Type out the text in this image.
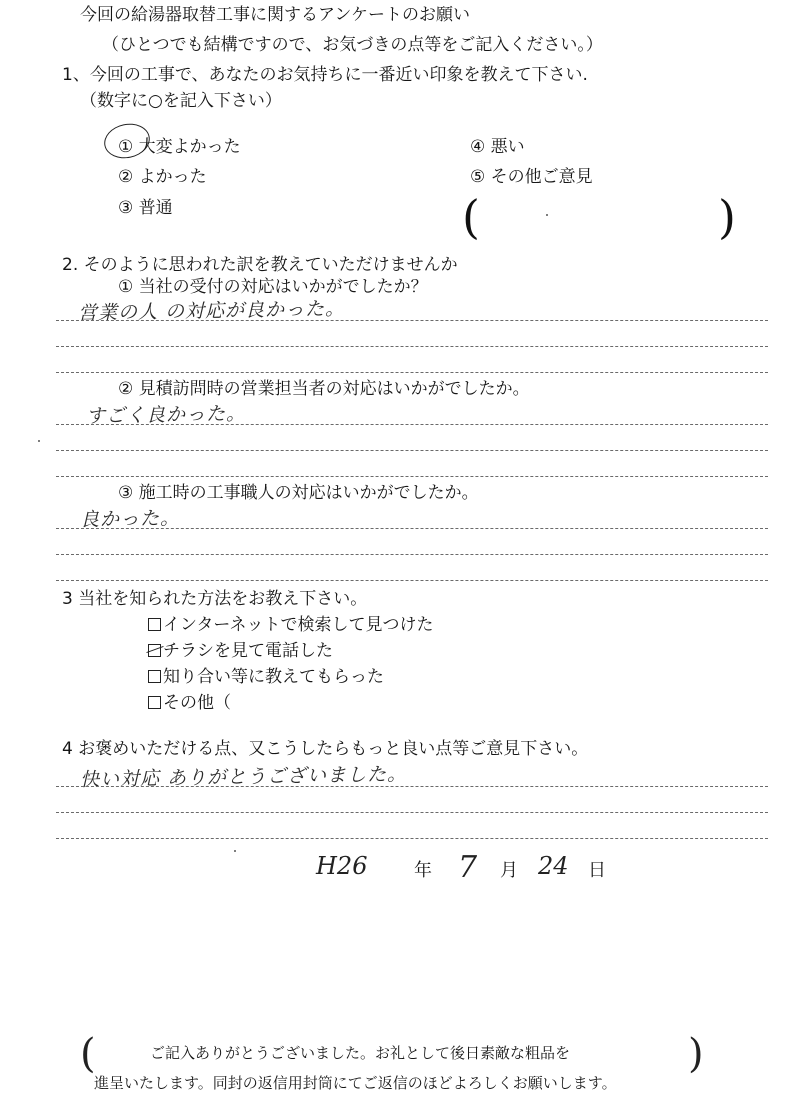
今回の給湯器取替工事に関するアンケートのお願い
（ひとつでも結構ですので、お気づきの点等をご記入ください。）
1、今回の工事で、あなたのお気持ちに一番近い印象を教えて下さい.
（数字に○を記入下さい）
① 大変よかった
② よかった
③ 普通
④ 悪い
⑤ その他ご意見
(	)
2. そのように思われた訳を教えていただけませんか
① 当社の受付の対応はいかがでしたか？
営業の人 の対応が良かった。
② 見積訪問時の営業担当者の対応はいかがでしたか。
すごく良かった。
③ 施工時の工事職人の対応はいかがでしたか。
良かった。
3 当社を知られた方法をお教え下さい。
インターネットで検索して見つけた
チラシを見て電話した
知り合い等に教えてもらった
その他（
4 お褒めいただける点、又こうしたらもっと良い点等ご意見下さい。
快い対応 ありがとうございました。
H26	年 7 月 24 日
(	)
ご記入ありがとうございました。お礼として後日素敵な粗品を
進呈いたします。同封の返信用封筒にてご返信のほどよろしくお願いします。
